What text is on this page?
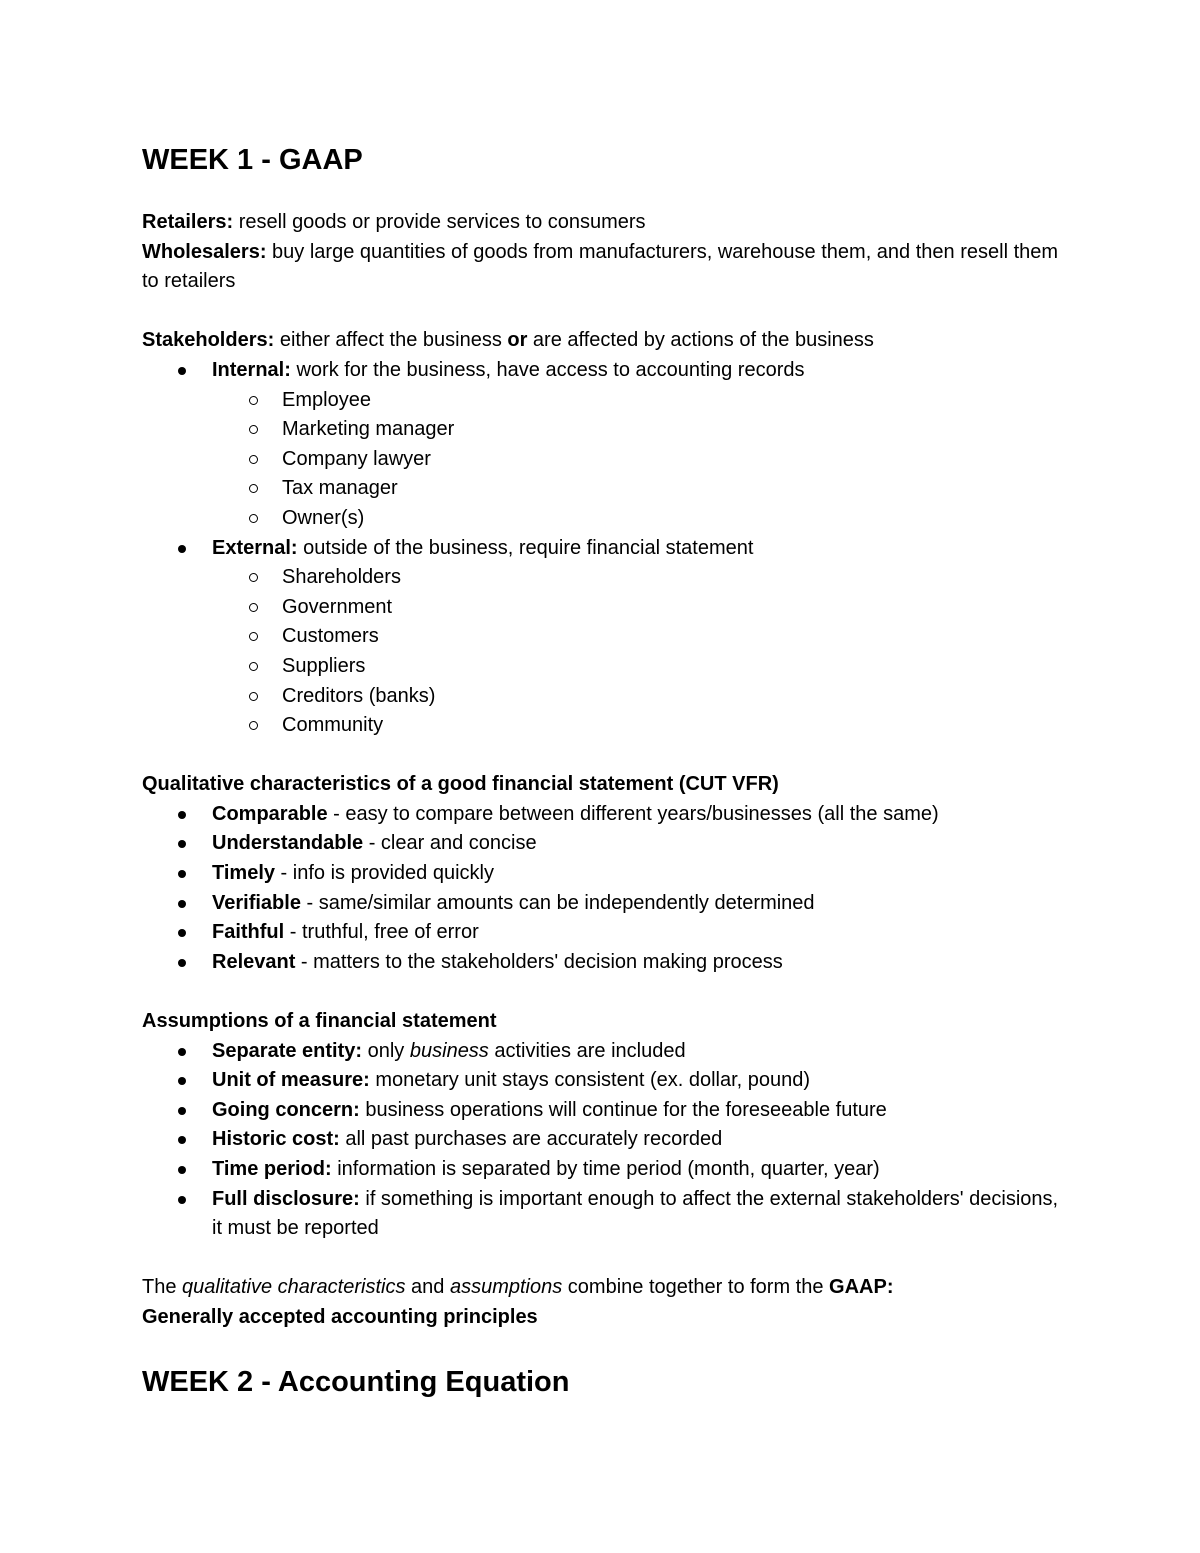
WEEK 1 - GAAP

Retailers: resell goods or provide services to consumers

Wholesalers: buy large quantities of goods from manufacturers, warehouse them, and then resell them to retailers

Stakeholders: either affect the business or are affected by actions of the business

Internal: work for the business, have access to accounting records
Employee
Marketing manager
Company lawyer
Tax manager
Owner(s)
External: outside of the business, require financial statement
Shareholders
Government
Customers
Suppliers
Creditors (banks)
Community

Qualitative characteristics of a good financial statement (CUT VFR)

Comparable - easy to compare between different years/businesses (all the same)
Understandable - clear and concise
Timely - info is provided quickly
Verifiable - same/similar amounts can be independently determined
Faithful - truthful, free of error
Relevant - matters to the stakeholders' decision making process

Assumptions of a financial statement

Separate entity: only business activities are included
Unit of measure: monetary unit stays consistent (ex. dollar, pound)
Going concern: business operations will continue for the foreseeable future
Historic cost: all past purchases are accurately recorded
Time period: information is separated by time period (month, quarter, year)
Full disclosure: if something is important enough to affect the external stakeholders' decisions, it must be reported

The qualitative characteristics and assumptions combine together to form the GAAP:

Generally accepted accounting principles

WEEK 2 - Accounting Equation
